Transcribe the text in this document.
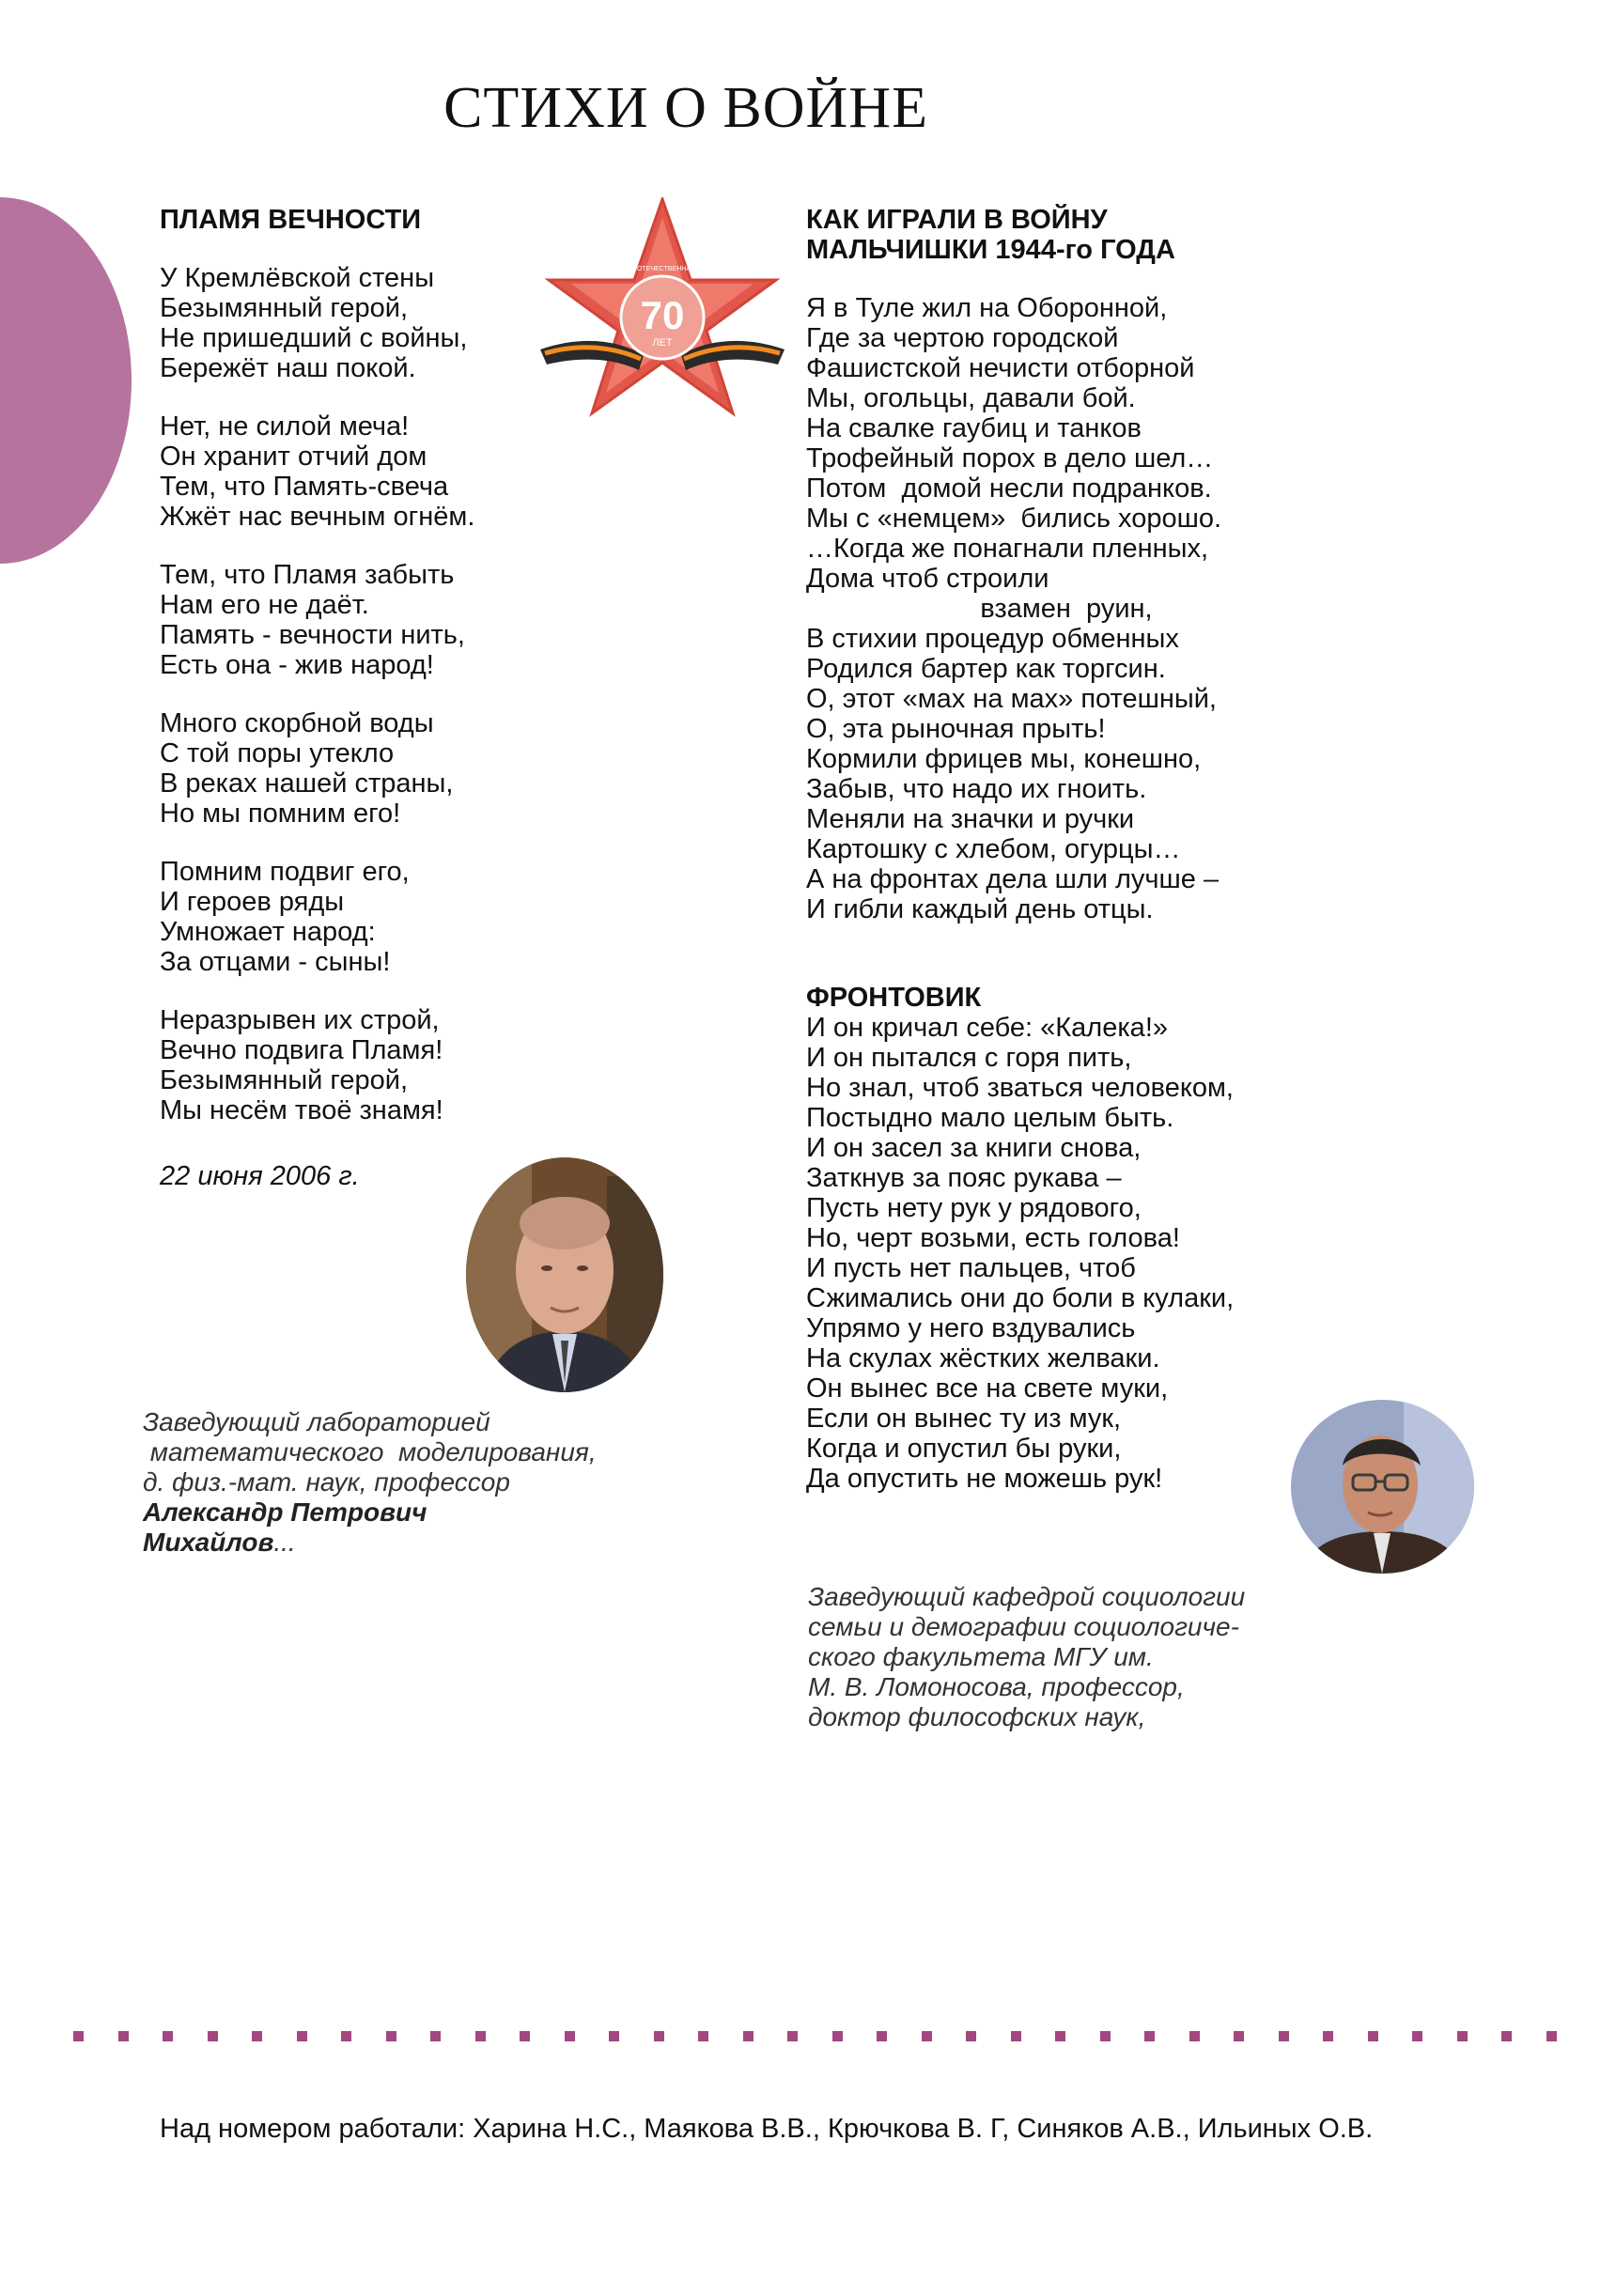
СТИХИ О ВОЙНЕ
1945	2015
70
ЛЕТ
ВЕЛИКАЯ ОТЕЧЕСТВЕННАЯ ВОЙНА
ПЛАМЯ ВЕЧНОСТИ
У Кремлёвской стены
Безымянный герой,
Не пришедший с войны,
Бережёт наш покой.
Нет, не силой меча!
Он хранит отчий дом
Тем, что Память-свеча
Жжёт нас вечным огнём.
Тем, что Пламя забыть
Нам его не даёт.
Память - вечности нить,
Есть она - жив народ!
Много скорбной воды
С той поры утекло
В реках нашей страны,
Но мы помним его!
Помним подвиг его,
И героев ряды
Умножает народ:
За отцами - сыны!
Неразрывен их строй,
Вечно подвига Пламя!
Безымянный герой,
Мы несём твоё знамя!
22 июня 2006 г.
Заведующий лабораторией
математического  моделирования,
д. физ.-мат. наук, профессор
Александр Петрович
Михайлов...
КАК ИГРАЛИ В ВОЙНУ
МАЛЬЧИШКИ 1944-го ГОДА
Я в Туле жил на Оборонной,
Где за чертою городской
Фашистской нечисти отборной
Мы, огольцы, давали бой.
На свалке гаубиц и танков
Трофейный порох в дело шел…
Потом  домой несли подранков.
Мы с «немцем»  бились хорошо.
…Когда же понагнали пленных,
Дома чтоб строили
взамен  руин,
В стихии процедур обменных
Родился бартер как торгсин.
О, этот «мах на мах» потешный,
О, эта рыночная прыть!
Кормили фрицев мы, конешно,
Забыв, что надо их гноить.
Меняли на значки и ручки
Картошку с хлебом, огурцы…
А на фронтах дела шли лучше –
И гибли каждый день отцы.
ФРОНТОВИК
И он кричал себе: «Калека!»
И он пытался с горя пить,
Но знал, чтоб зваться человеком,
Постыдно мало целым быть.
И он засел за книги снова,
Заткнув за пояс рукава –
Пусть нету рук у рядового,
Но, черт возьми, есть голова!
И пусть нет пальцев, чтоб
Сжимались они до боли в кулаки,
Упрямо у него вздувались
На скулах жёстких желваки.
Он вынес все на свете муки,
Если он вынес ту из мук,
Когда и опустил бы руки,
Да опустить не можешь рук!
Заведующий кафедрой социологии
семьи и демографии социологиче-
ского факультета МГУ им.
М. В. Ломоносова, профессор,
доктор философских наук,
Над номером работали: Харина Н.С., Маякова В.В., Крючкова В. Г, Синяков А.В., Ильиных О.В.
